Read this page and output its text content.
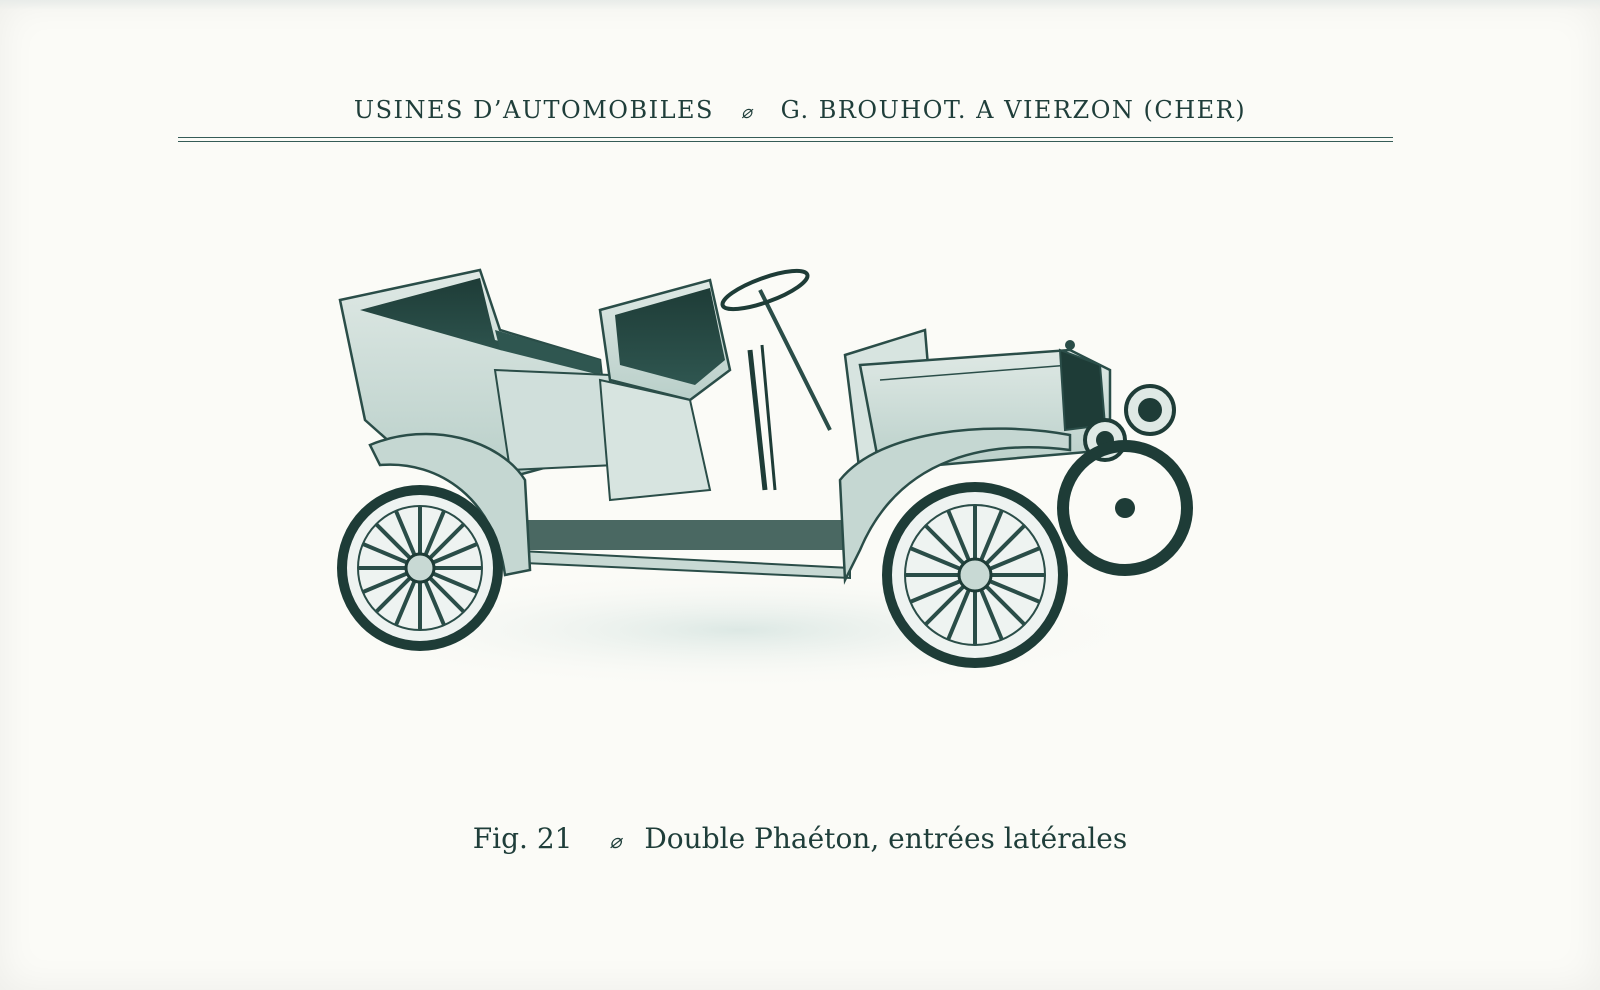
USINES D’AUTOMOBILES ⌀ G. BROUHOT. A VIERZON (CHER)
Fig. 21 ⌀ Double Phaéton, entrées latérales
